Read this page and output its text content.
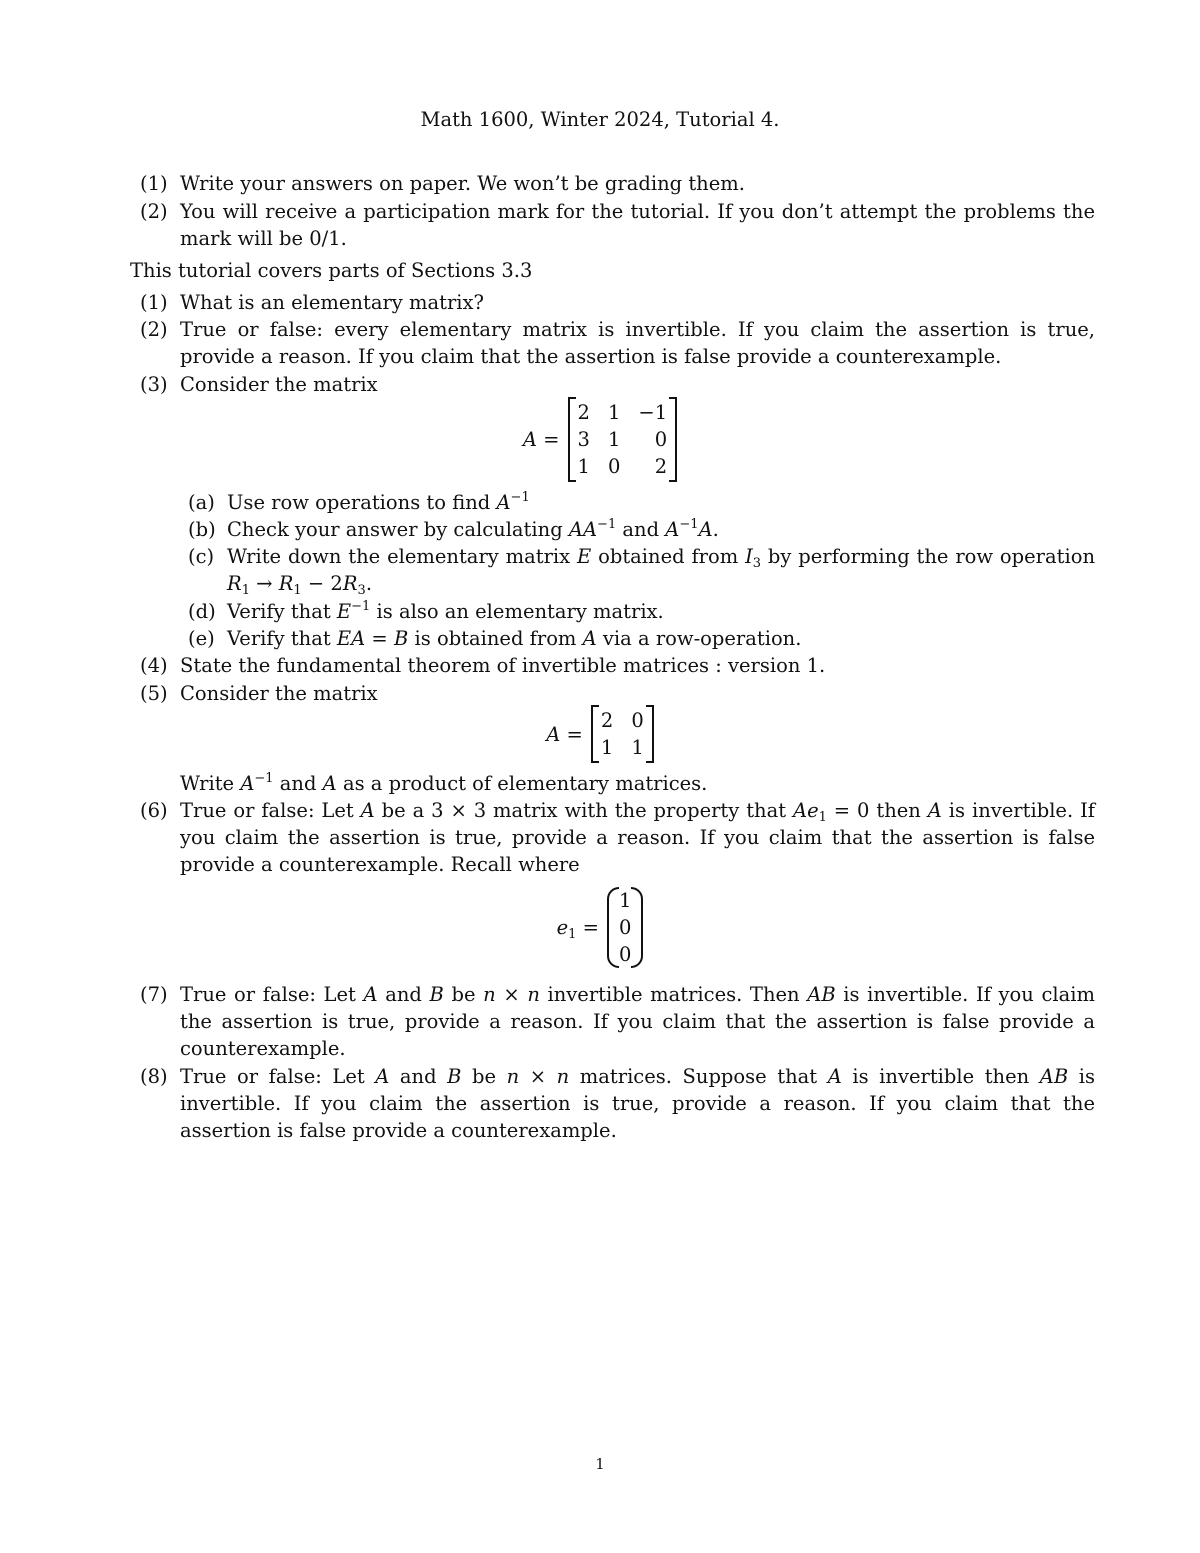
Math 1600, Winter 2024, Tutorial 4.
(1) Write your answers on paper. We won’t be grading them.
(2) You will receive a participation mark for the tutorial. If you don’t attempt the problems the mark will be 0/1.
This tutorial covers parts of Sections 3.3
(1) What is an elementary matrix?
(2) True or false: every elementary matrix is invertible. If you claim the assertion is true, provide a reason. If you claim that the assertion is false provide a counterexample.
(3) Consider the matrix
A =
2 1 −1
3 1	0
1 0	2
(a) Use row operations to find $A^{-1}$
(b) Check your answer by calculating $AA^{-1}$ and $A^{-1}A$.
(c) Write down the elementary matrix E obtained from $I_3$ by performing the row operation $R_1 \to R_1 - 2R_3$.
(d) Verify that $E^{-1}$ is also an elementary matrix.
(e) Verify that EA = B is obtained from A via a row-operation.
(4) State the fundamental theorem of invertible matrices : version 1.
(5) Consider the matrix
A =
2 0
1 1
Write $A^{-1}$ and A as a product of elementary matrices.
(6) True or false: Let A be a 3 × 3 matrix with the property that $Ae_1 = 0$ then A is invertible. If you claim the assertion is true, provide a reason. If you claim that the assertion is false provide a counterexample. Recall where
$e_1$ =
1
0
0
(7) True or false: Let A and B be n × n invertible matrices. Then AB is invertible. If you claim the assertion is true, provide a reason. If you claim that the assertion is false provide a counterexample.
(8) True or false: Let A and B be n × n matrices. Suppose that A is invertible then AB is invertible. If you claim the assertion is true, provide a reason. If you claim that the assertion is false provide a counterexample.
1
